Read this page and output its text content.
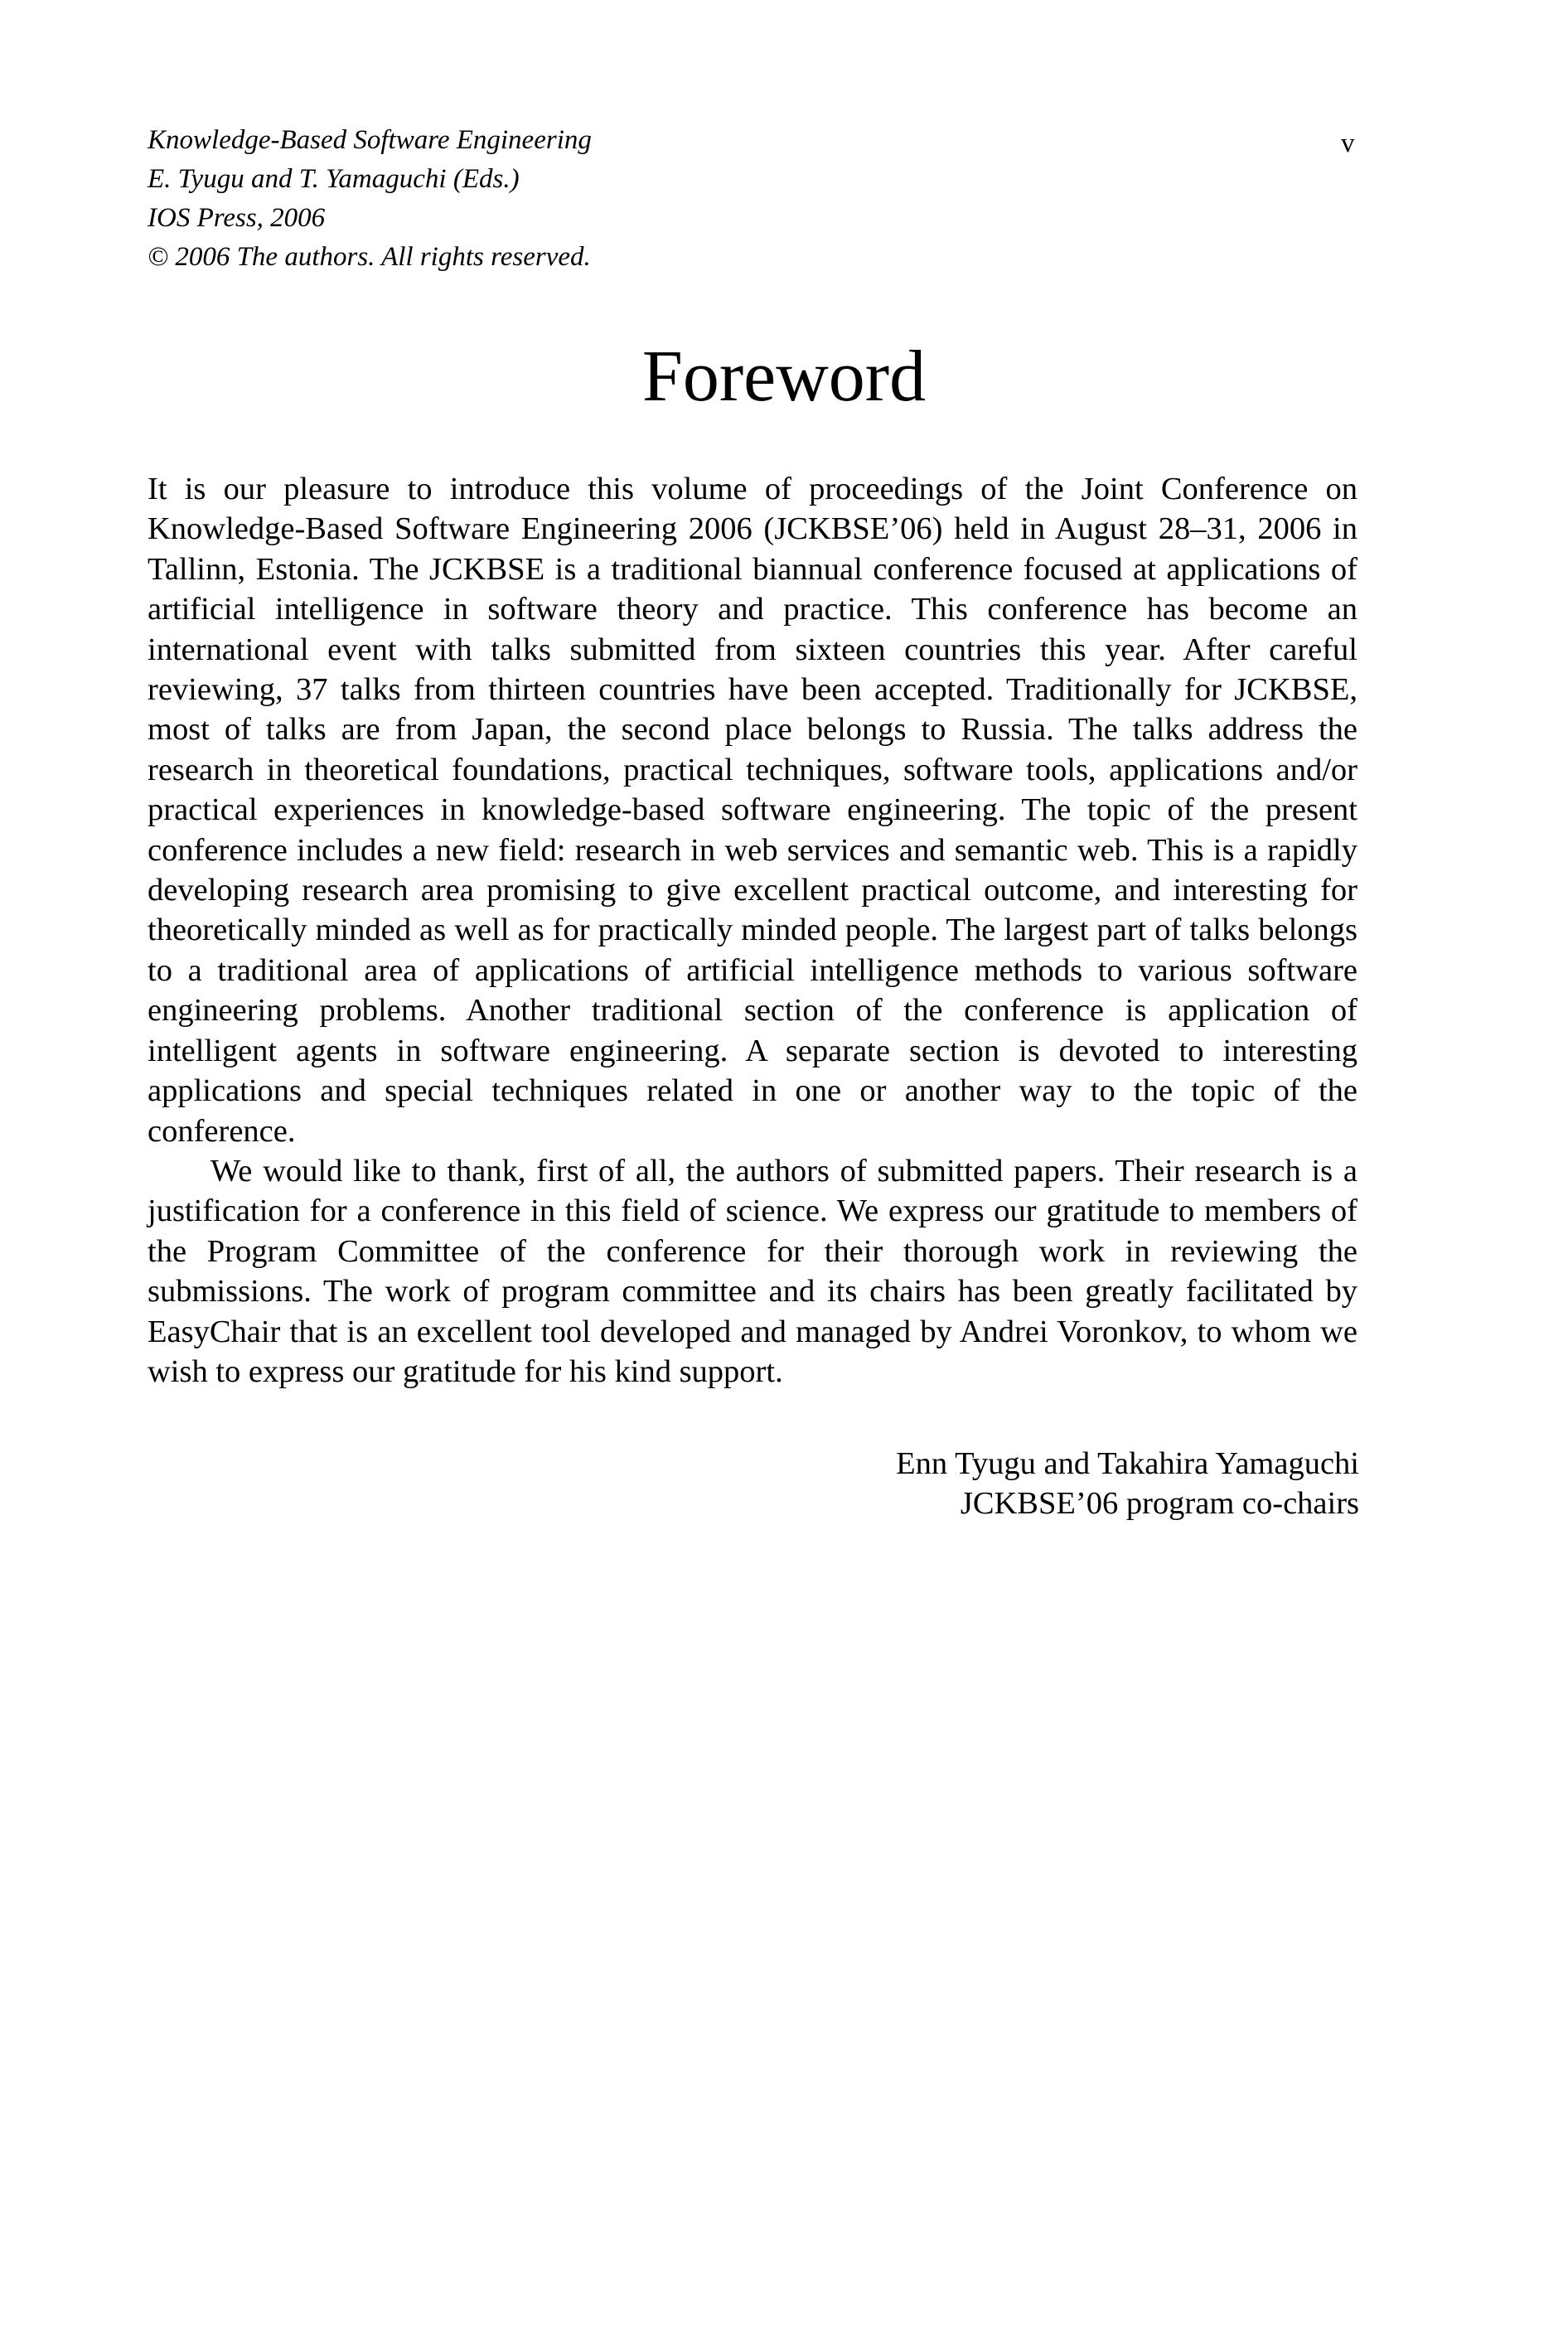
Knowledge-Based Software Engineering
E. Tyugu and T. Yamaguchi (Eds.)
IOS Press, 2006
© 2006 The authors. All rights reserved.
v
Foreword

It is our pleasure to introduce this volume of proceedings of the Joint Conference on Knowledge-Based Software Engineering 2006 (JCKBSE’06) held in August 28–31, 2006 in Tallinn, Estonia. The JCKBSE is a traditional biannual conference focused at applications of artificial intelligence in software theory and practice. This conference has become an international event with talks submitted from sixteen countries this year. After careful reviewing, 37 talks from thirteen countries have been accepted. Traditionally for JCKBSE, most of talks are from Japan, the second place belongs to Russia. The talks address the research in theoretical foundations, practical techniques, software tools, applications and/or practical experiences in knowledge-based software engineering. The topic of the present conference includes a new field: research in web services and semantic web. This is a rapidly developing research area promising to give excellent practical outcome, and interesting for theoretically minded as well as for practically minded people. The largest part of talks belongs to a traditional area of applications of artificial intelligence methods to various software engineering problems. Another traditional section of the conference is application of intelligent agents in software engineering. A separate section is devoted to interesting applications and special techniques related in one or another way to the topic of the conference.

We would like to thank, first of all, the authors of submitted papers. Their research is a justification for a conference in this field of science. We express our gratitude to members of the Program Committee of the conference for their thorough work in reviewing the submissions. The work of program committee and its chairs has been greatly facilitated by EasyChair that is an excellent tool developed and managed by Andrei Voronkov, to whom we wish to express our gratitude for his kind support.

Enn Tyugu and Takahira Yamaguchi
JCKBSE’06 program co-chairs
